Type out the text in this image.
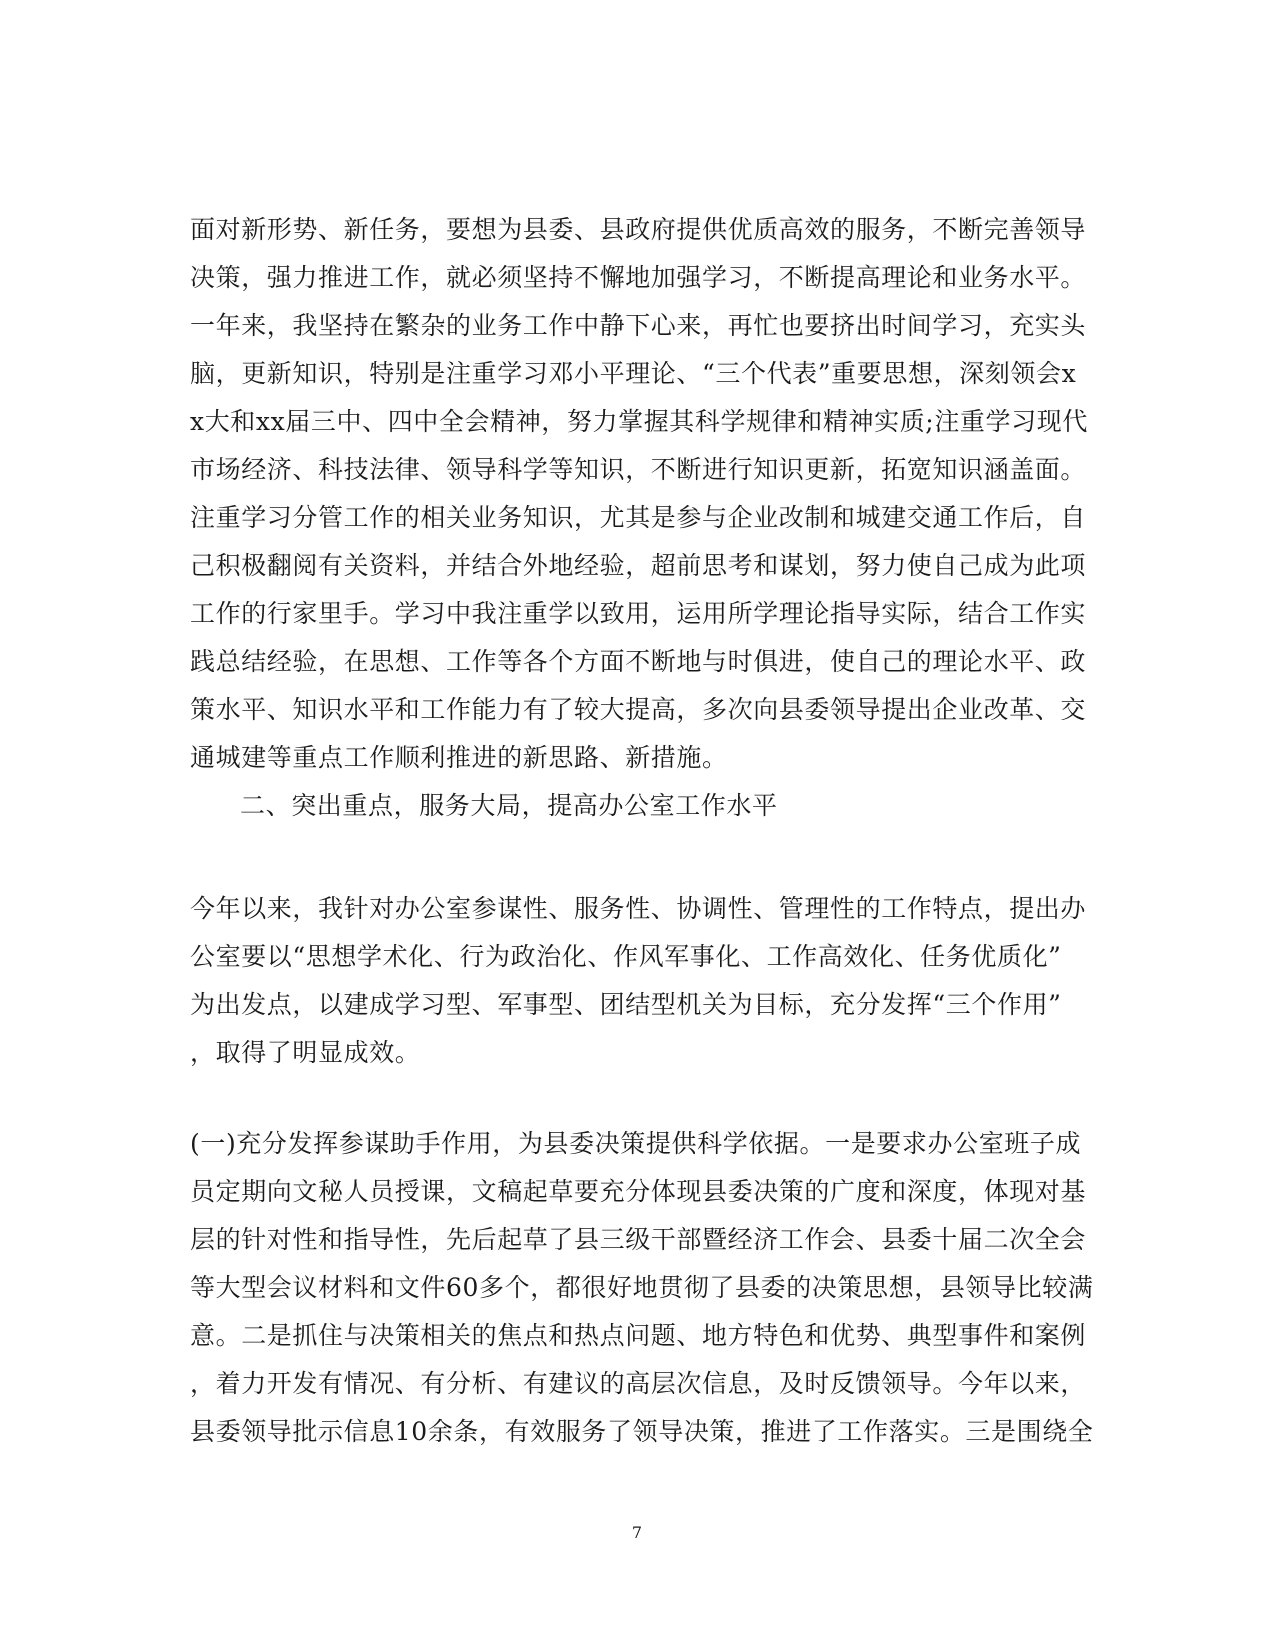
面对新形势、新任务，要想为县委、县政府提供优质高效的服务，不断完善领导
决策，强力推进工作，就必须坚持不懈地加强学习，不断提高理论和业务水平。
一年来，我坚持在繁杂的业务工作中静下心来，再忙也要挤出时间学习，充实头
脑，更新知识，特别是注重学习邓小平理论、“三个代表”重要思想，深刻领会x
x大和xx届三中、四中全会精神，努力掌握其科学规律和精神实质;注重学习现代
市场经济、科技法律、领导科学等知识，不断进行知识更新，拓宽知识涵盖面。
注重学习分管工作的相关业务知识，尤其是参与企业改制和城建交通工作后，自
己积极翻阅有关资料，并结合外地经验，超前思考和谋划，努力使自己成为此项
工作的行家里手。学习中我注重学以致用，运用所学理论指导实际，结合工作实
践总结经验，在思想、工作等各个方面不断地与时俱进，使自己的理论水平、政
策水平、知识水平和工作能力有了较大提高，多次向县委领导提出企业改革、交
通城建等重点工作顺利推进的新思路、新措施。
二、突出重点，服务大局，提高办公室工作水平
今年以来，我针对办公室参谋性、服务性、协调性、管理性的工作特点，提出办
公室要以“思想学术化、行为政治化、作风军事化、工作高效化、任务优质化”
为出发点，以建成学习型、军事型、团结型机关为目标，充分发挥“三个作用”
，取得了明显成效。
(一)充分发挥参谋助手作用，为县委决策提供科学依据。一是要求办公室班子成
员定期向文秘人员授课，文稿起草要充分体现县委决策的广度和深度，体现对基
层的针对性和指导性，先后起草了县三级干部暨经济工作会、县委十届二次全会
等大型会议材料和文件60多个，都很好地贯彻了县委的决策思想，县领导比较满
意。二是抓住与决策相关的焦点和热点问题、地方特色和优势、典型事件和案例
，着力开发有情况、有分析、有建议的高层次信息，及时反馈领导。今年以来，
县委领导批示信息10余条，有效服务了领导决策，推进了工作落实。三是围绕全
7
